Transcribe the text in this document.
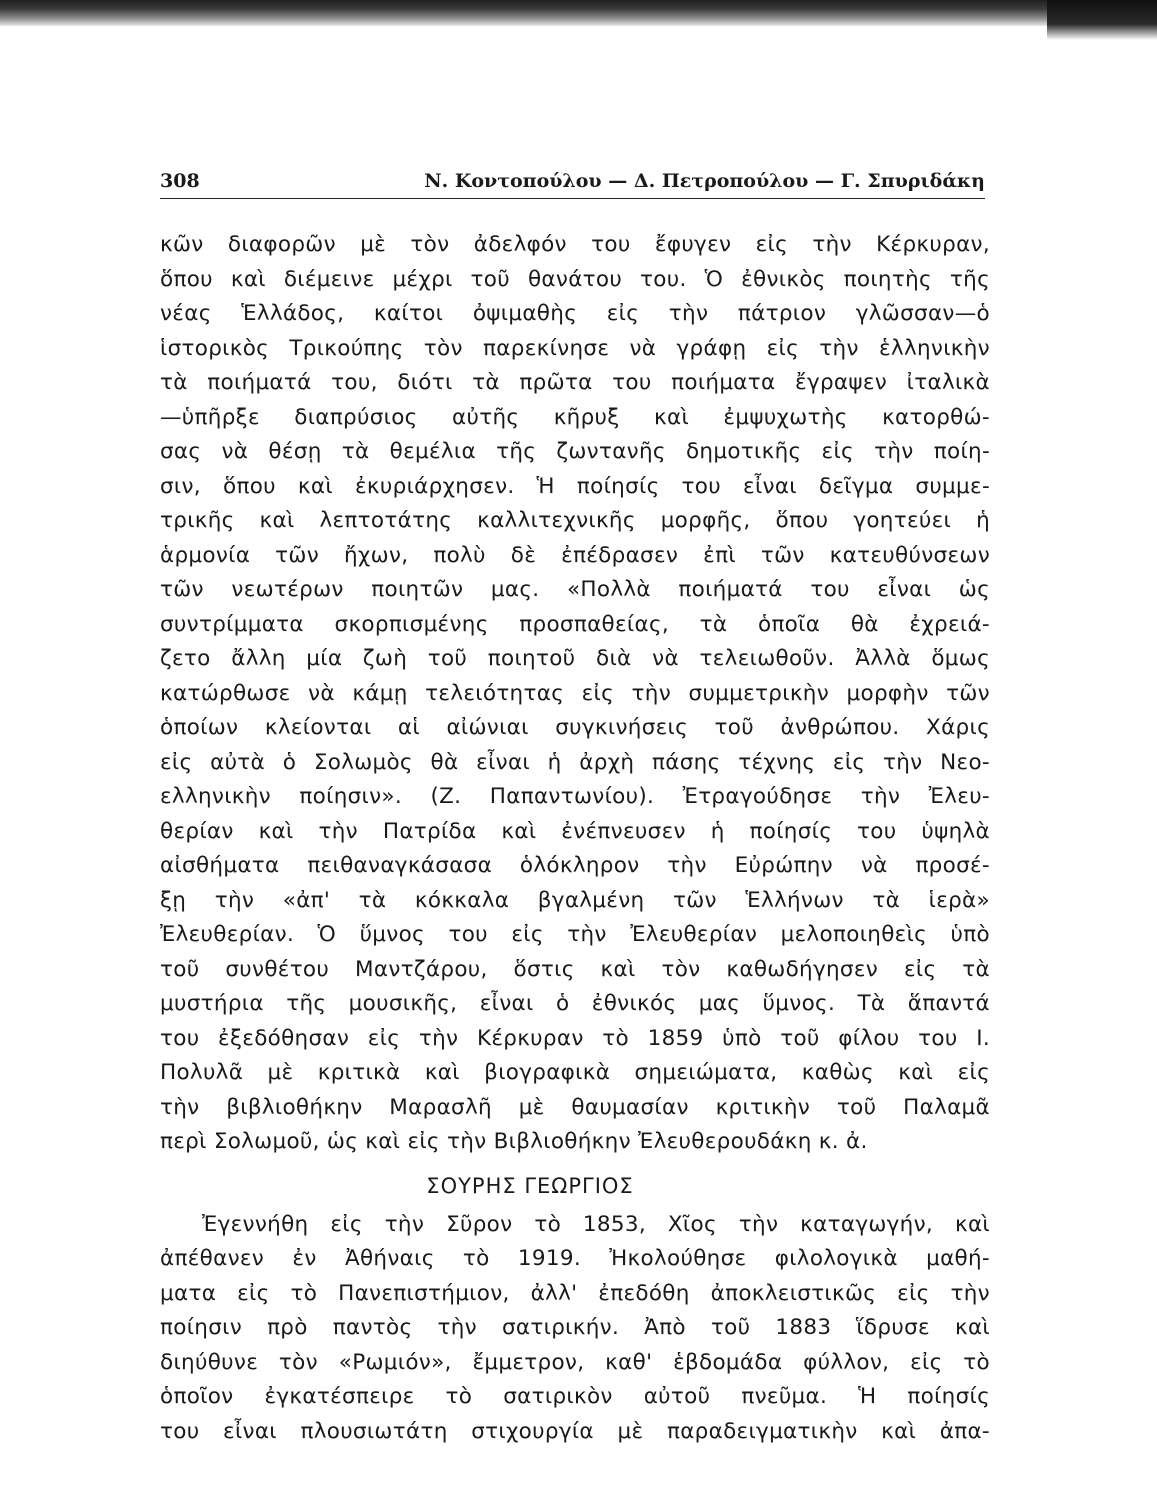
308	Ν. Κοντοπούλου — Δ. Πετροπούλου — Γ. Σπυριδάκη
κῶν διαφορῶν μὲ τὸν ἀδελφόν του ἔφυγεν εἰς τὴν Κέρκυραν,
ὅπου καὶ διέμεινε μέχρι τοῦ θανάτου του. Ὁ ἐθνικὸς ποιητὴς τῆς
νέας Ἑλλάδος, καίτοι ὀψιμαθὴς εἰς τὴν πάτριον γλῶσσαν—ὁ
ἱστορικὸς Τρικούπης τὸν παρεκίνησε νὰ γράφῃ εἰς τὴν ἑλληνικὴν
τὰ ποιήματά του, διότι τὰ πρῶτα του ποιήματα ἔγραψεν ἰταλικὰ
—ὑπῆρξε διαπρύσιος αὐτῆς κῆρυξ καὶ ἐμψυχωτὴς κατορθώ-
σας νὰ θέσῃ τὰ θεμέλια τῆς ζωντανῆς δημοτικῆς εἰς τὴν ποίη-
σιν, ὅπου καὶ ἐκυριάρχησεν. Ἡ ποίησίς του εἶναι δεῖγμα συμμε-
τρικῆς καὶ λεπτοτάτης καλλιτεχνικῆς μορφῆς, ὅπου γοητεύει ἡ
ἁρμονία τῶν ἤχων, πολὺ δὲ ἐπέδρασεν ἐπὶ τῶν κατευθύνσεων
τῶν νεωτέρων ποιητῶν μας. «Πολλὰ ποιήματά του εἶναι ὡς
συντρίμματα σκορπισμένης προσπαθείας, τὰ ὁποῖα θὰ ἐχρειά-
ζετο ἄλλη μία ζωὴ τοῦ ποιητοῦ διὰ νὰ τελειωθοῦν. Ἀλλὰ ὅμως
κατώρθωσε νὰ κάμῃ τελειότητας εἰς τὴν συμμετρικὴν μορφὴν τῶν
ὁποίων κλείονται αἱ αἰώνιαι συγκινήσεις τοῦ ἀνθρώπου. Χάρις
εἰς αὐτὰ ὁ Σολωμὸς θὰ εἶναι ἡ ἀρχὴ πάσης τέχνης εἰς τὴν Νεο-
ελληνικὴν ποίησιν». (Ζ. Παπαντωνίου). Ἐτραγούδησε τὴν Ἐλευ-
θερίαν καὶ τὴν Πατρίδα καὶ ἐνέπνευσεν ἡ ποίησίς του ὑψηλὰ
αἰσθήματα πειθαναγκάσασα ὁλόκληρον τὴν Εὐρώπην νὰ προσέ-
ξῃ τὴν «ἀπ' τὰ κόκκαλα βγαλμένη τῶν Ἑλλήνων τὰ ἱερὰ»
Ἐλευθερίαν. Ὁ ὕμνος του εἰς τὴν Ἐλευθερίαν μελοποιηθεὶς ὑπὸ
τοῦ συνθέτου Μαντζάρου, ὅστις καὶ τὸν καθωδήγησεν εἰς τὰ
μυστήρια τῆς μουσικῆς, εἶναι ὁ ἐθνικός μας ὕμνος. Τὰ ἅπαντά
του ἐξεδόθησαν εἰς τὴν Κέρκυραν τὸ 1859 ὑπὸ τοῦ φίλου του Ι.
Πολυλᾶ μὲ κριτικὰ καὶ βιογραφικὰ σημειώματα, καθὼς καὶ εἰς
τὴν βιβλιοθήκην Μαρασλῆ μὲ θαυμασίαν κριτικὴν τοῦ Παλαμᾶ
περὶ Σολωμοῦ, ὡς καὶ εἰς τὴν Βιβλιοθήκην Ἐλευθερουδάκη κ. ἀ.
ΣΟΥΡΗΣ ΓΕΩΡΓΙΟΣ
Ἐγεννήθη εἰς τὴν Σῦρον τὸ 1853, Χῖος τὴν καταγωγήν, καὶ
ἀπέθανεν ἐν Ἀθήναις τὸ 1919. Ἠκολούθησε φιλολογικὰ μαθή-
ματα εἰς τὸ Πανεπιστήμιον, ἀλλ' ἐπεδόθη ἀποκλειστικῶς εἰς τὴν
ποίησιν πρὸ παντὸς τὴν σατιρικήν. Ἀπὸ τοῦ 1883 ἵδρυσε καὶ
διηύθυνε τὸν «Ρωμιόν», ἔμμετρον, καθ' ἑβδομάδα φύλλον, εἰς τὸ
ὁποῖον ἐγκατέσπειρε τὸ σατιρικὸν αὐτοῦ πνεῦμα. Ἡ ποίησίς
του εἶναι πλουσιωτάτη στιχουργία μὲ παραδειγματικὴν καὶ ἀπα-
